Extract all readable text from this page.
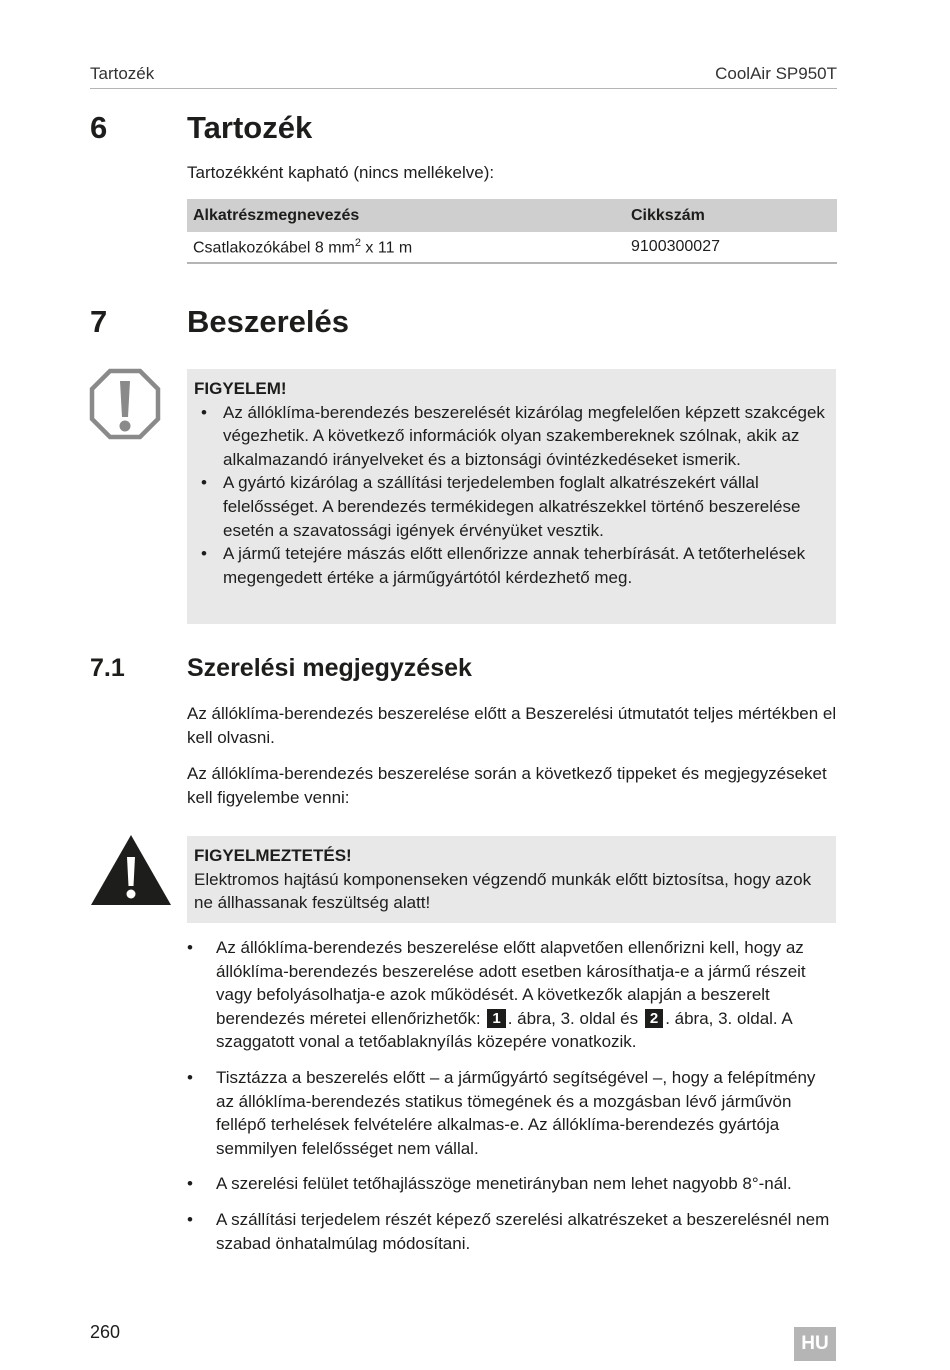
Tartozék	CoolAir SP950T
6	Tartozék
Tartozékként kapható (nincs mellékelve):
Alkatrészmegnevezés	Cikkszám
Csatlakozókábel 8 $mm^2$ x 11 m	9100300027
7	Beszerelés
FIGYELEM!
• Az állóklíma-berendezés beszerelését kizárólag megfelelően képzett szakcégek végezhetik. A következő információk olyan szakembereknek szólnak, akik az alkalmazandó irányelveket és a biztonsági óvintézkedéseket ismerik.
• A gyártó kizárólag a szállítási terjedelemben foglalt alkatrészekért vállal felelősséget. A berendezés termékidegen alkatrészekkel történő beszerelése esetén a szavatossági igények érvényüket vesztik.
• A jármű tetejére mászás előtt ellenőrizze annak teherbírását. A tetőterhelések megengedett értéke a járműgyártótól kérdezhető meg.
7.1 Szerelési megjegyzések
Az állóklíma-berendezés beszerelése előtt a Beszerelési útmutatót teljes mértékben el kell olvasni.
Az állóklíma-berendezés beszerelése során a következő tippeket és megjegyzéseket kell figyelembe venni:
FIGYELMEZTETÉS!
Elektromos hajtású komponenseken végzendő munkák előtt biztosítsa, hogy azok ne állhassanak feszültség alatt!
• Az állóklíma-berendezés beszerelése előtt alapvetően ellenőrizni kell, hogy az állóklíma-berendezés beszerelése adott esetben károsíthatja-e a jármű részeit vagy befolyásolhatja-e azok működését. A következők alapján a beszerelt berendezés méretei ellenőrizhetők: 1 . ábra, 3. oldal és 2 . ábra, 3. oldal. A szaggatott vonal a tetőablaknyílás közepére vonatkozik.
• Tisztázza a beszerelés előtt – a járműgyártó segítségével –, hogy a felépítmény az állóklíma-berendezés statikus tömegének és a mozgásban lévő járművön fellépő terhelések felvételére alkalmas-e. Az állóklíma-berendezés gyártója semmilyen felelősséget nem vállal.
• A szerelési felület tetőhajlásszöge menetirányban nem lehet nagyobb 8°-nál.
• A szállítási terjedelem részét képező szerelési alkatrészeket a beszerelésnél nem szabad önhatalmúlag módosítani.
260
HU
